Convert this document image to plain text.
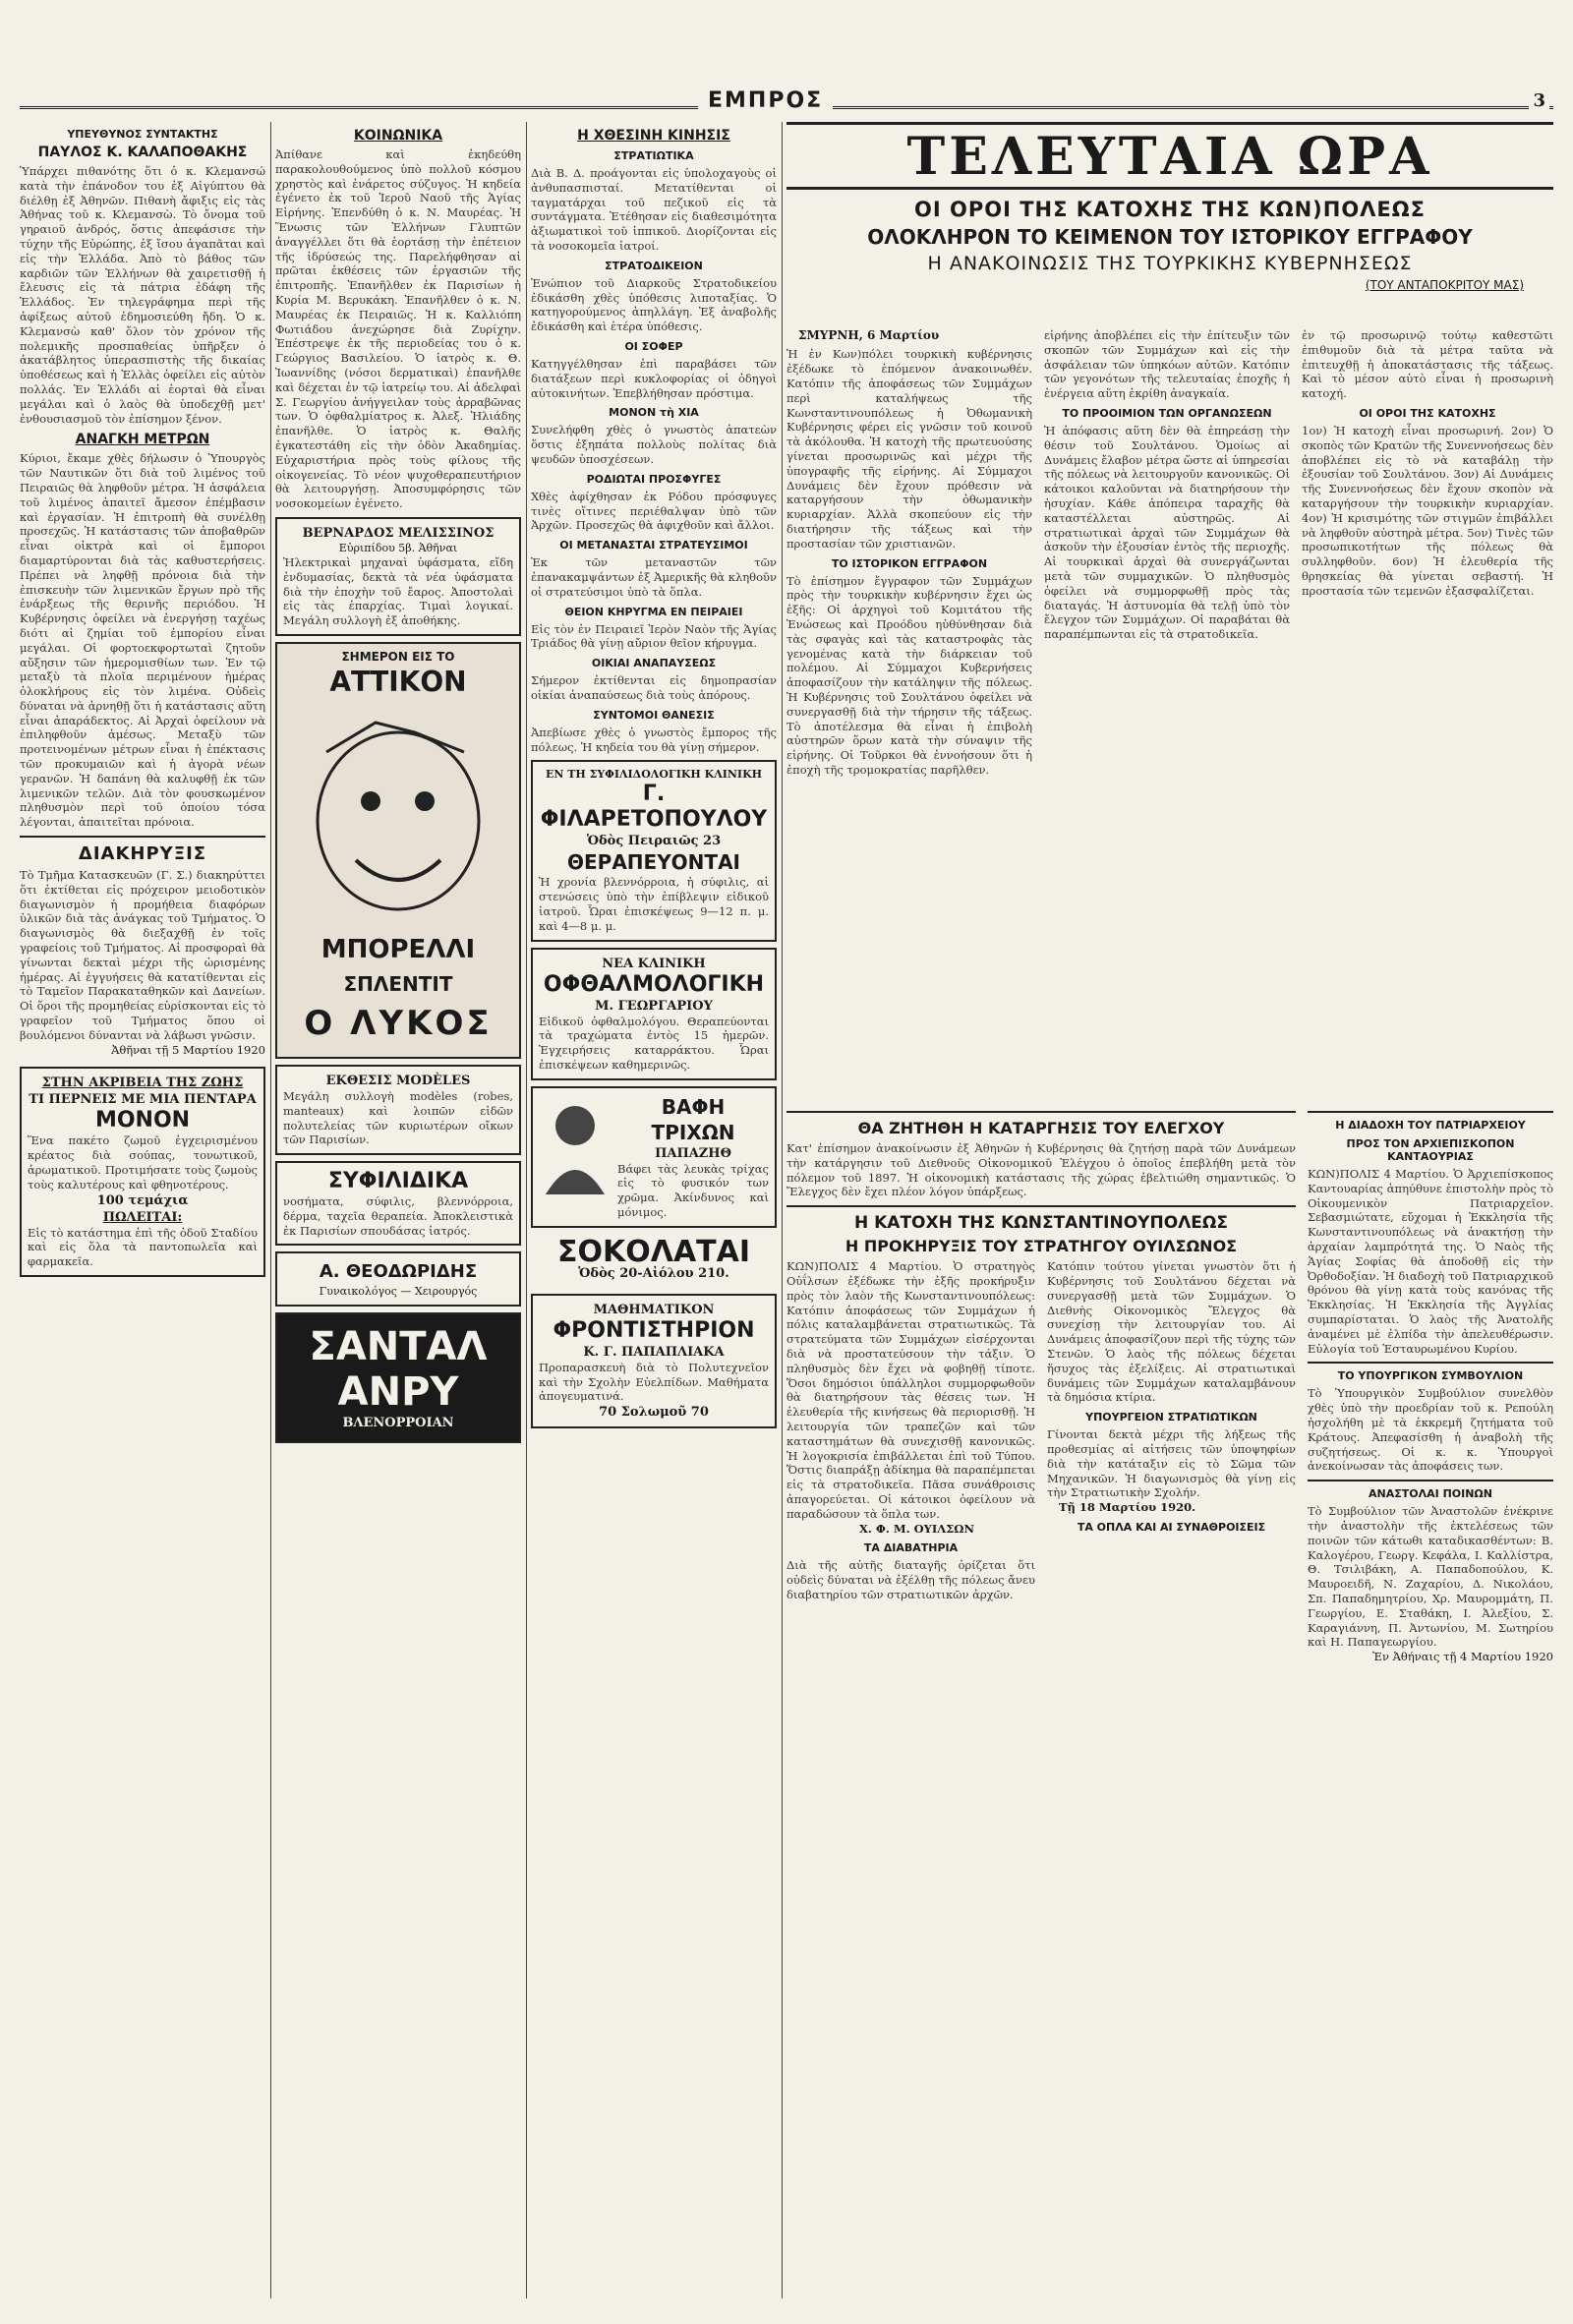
ΕΜΠΡΟΣ	3
ΥΠΕΥΘΥΝΟΣ ΣΥΝΤΑΚΤΗΣ
ΠΑΥΛΟΣ Κ. ΚΑΛΑΠΟΘΑΚΗΣ

Ὑπάρχει πιθανότης ὅτι ὁ κ. Κλεμανσώ κατὰ τὴν ἐπάνοδον του ἐξ Αἰγύπτου θὰ διέλθῃ ἐξ Ἀθηνῶν. Πιθανὴ ἄφιξις εἰς τὰς Ἀθήνας τοῦ κ. Κλεμανσὼ. Τὸ ὄνομα τοῦ γηραιοῦ ἀνδρός, ὅστις ἀπεφάσισε τὴν τύχην τῆς Εὐρώπης, ἐξ ἴσου ἀγαπᾶται καὶ εἰς τὴν Ἑλλάδα. Ἀπὸ τὸ βάθος τῶν καρδιῶν τῶν Ἑλλήνων θὰ χαιρετισθῇ ἡ ἔλευσις εἰς τὰ πάτρια ἐδάφη τῆς Ἑλλάδος. Ἐν τηλεγράφημα περὶ τῆς ἀφίξεως αὐτοῦ ἐδημοσιεύθη ἤδη. Ὁ κ. Κλεμανσὼ καθ' ὅλον τὸν χρόνον τῆς πολεμικῆς προσπαθείας ὑπῆρξεν ὁ ἀκατάβλητος ὑπερασπιστὴς τῆς δικαίας ὑποθέσεως καὶ ἡ Ἑλλὰς ὀφείλει εἰς αὐτὸν πολλάς. Ἐν Ἑλλάδι αἱ ἑορταὶ θὰ εἶναι μεγάλαι καὶ ὁ λαὸς θὰ ὑποδεχθῇ μετ' ἐνθουσιασμοῦ τὸν ἐπίσημον ξένον.

ΑΝΑΓΚΗ ΜΕΤΡΩΝ

Κύριοι, ἔκαμε χθὲς δήλωσιν ὁ Ὑπουργὸς τῶν Ναυτικῶν ὅτι διὰ τοῦ λιμένος τοῦ Πειραιῶς θὰ ληφθοῦν μέτρα. Ἡ ἀσφάλεια τοῦ λιμένος ἀπαιτεῖ ἄμεσον ἐπέμβασιν καὶ ἐργασίαν. Ἡ ἐπιτροπὴ θὰ συνέλθῃ προσεχῶς. Ἡ κατάστασις τῶν ἀποβαθρῶν εἶναι οἰκτρὰ καὶ οἱ ἔμποροι διαμαρτύρονται διὰ τὰς καθυστερήσεις. Πρέπει νὰ ληφθῇ πρόνοια διὰ τὴν ἐπισκευὴν τῶν λιμενικῶν ἔργων πρὸ τῆς ἐνάρξεως τῆς θερινῆς περιόδου. Ἡ Κυβέρνησις ὀφείλει νὰ ἐνεργήσῃ ταχέως διότι αἱ ζημίαι τοῦ ἐμπορίου εἶναι μεγάλαι. Οἱ φορτοεκφορτωταὶ ζητοῦν αὔξησιν τῶν ἡμερομισθίων των. Ἐν τῷ μεταξὺ τὰ πλοῖα περιμένουν ἡμέρας ὁλοκλήρους εἰς τὸν λιμένα. Οὐδεὶς δύναται νὰ ἀρνηθῇ ὅτι ἡ κατάστασις αὕτη εἶναι ἀπαράδεκτος. Αἱ Ἀρχαὶ ὀφείλουν νὰ ἐπιληφθοῦν ἀμέσως. Μεταξὺ τῶν προτεινομένων μέτρων εἶναι ἡ ἐπέκτασις τῶν προκυμαιῶν καὶ ἡ ἀγορὰ νέων γερανῶν. Ἡ δαπάνη θὰ καλυφθῇ ἐκ τῶν λιμενικῶν τελῶν. Διὰ τὸν φουσκωμένον πληθυσμὸν περὶ τοῦ ὁποίου τόσα λέγονται, ἀπαιτεῖται πρόνοια.

ΔΙΑΚΗΡΥΞΙΣ

Τὸ Τμῆμα Κατασκευῶν (Γ. Σ.) διακηρύττει ὅτι ἐκτίθεται εἰς πρόχειρον μειοδοτικὸν διαγωνισμὸν ἡ προμήθεια διαφόρων ὑλικῶν διὰ τὰς ἀνάγκας τοῦ Τμήματος. Ὁ διαγωνισμὸς θὰ διεξαχθῇ ἐν τοῖς γραφείοις τοῦ Τμήματος. Αἱ προσφοραὶ θὰ γίνωνται δεκταὶ μέχρι τῆς ὡρισμένης ἡμέρας. Αἱ ἐγγυήσεις θὰ κατατίθενται εἰς τὸ Ταμεῖον Παρακαταθηκῶν καὶ Δανείων. Οἱ ὅροι τῆς προμηθείας εὑρίσκονται εἰς τὸ γραφεῖον τοῦ Τμήματος ὅπου οἱ βουλόμενοι δύνανται νὰ λάβωσι γνῶσιν.

Ἀθῆναι τῇ 5 Μαρτίου 1920
ΣΤΗΝ ΑΚΡΙΒΕΙΑ ΤΗΣ ΖΩΗΣ
ΤΙ ΠΕΡΝΕΙΣ ΜΕ ΜΙΑ ΠΕΝΤΑΡΑ
ΜΟΝΟΝ

Ἕνα πακέτο ζωμοῦ ἐγχειρισμένου κρέατος διὰ σούπας, τονωτικοῦ, ἀρωματικοῦ. Προτιμήσατε τοὺς ζωμοὺς τοὺς καλυτέρους καὶ φθηνοτέρους.

100 τεμάχια
ΠΩΛΕΙΤΑΙ:

Εἰς τὸ κατάστημα ἐπὶ τῆς ὁδοῦ Σταδίου καὶ εἰς ὅλα τὰ παντοπωλεῖα καὶ φαρμακεῖα.

ΚΟΙΝΩΝΙΚΑ

Ἀπίθανε καὶ ἐκηδεύθη παρακολουθούμενος ὑπὸ πολλοῦ κόσμου χρηστὸς καὶ ἐνάρετος σύζυγος. Ἡ κηδεία ἐγένετο ἐκ τοῦ Ἱεροῦ Ναοῦ τῆς Ἁγίας Εἰρήνης. Ἐπενδύθη ὁ κ. Ν. Μαυρέας. Ἡ Ἕνωσις τῶν Ἑλλήνων Γλυπτῶν ἀναγγέλλει ὅτι θὰ ἑορτάσῃ τὴν ἐπέτειον τῆς ἱδρύσεώς της. Παρελήφθησαν αἱ πρῶται ἐκθέσεις τῶν ἐργασιῶν τῆς ἐπιτροπῆς. Ἐπανῆλθεν ἐκ Παρισίων ἡ Κυρία Μ. Βερυκάκη. Ἐπανῆλθεν ὁ κ. Ν. Μαυρέας ἐκ Πειραιῶς. Ἡ κ. Καλλιόπη Φωτιάδου ἀνεχώρησε διὰ Ζυρίχην. Ἐπέστρεψε ἐκ τῆς περιοδείας του ὁ κ. Γεώργιος Βασιλείου. Ὁ ἰατρὸς κ. Θ. Ἰωαννίδης (νόσοι δερματικαὶ) ἐπανῆλθε καὶ δέχεται ἐν τῷ ἰατρείῳ του. Αἱ ἀδελφαὶ Σ. Γεωργίου ἀνήγγειλαν τοὺς ἀρραβῶνας των. Ὁ ὀφθαλμίατρος κ. Ἀλεξ. Ἠλιάδης ἐπανῆλθε. Ὁ ἰατρὸς κ. Θαλῆς ἐγκατεστάθη εἰς τὴν ὁδὸν Ἀκαδημίας. Εὐχαριστήρια πρὸς τοὺς φίλους τῆς οἰκογενείας. Τὸ νέον ψυχοθεραπευτήριον θὰ λειτουργήσῃ. Ἀποσυμφόρησις τῶν νοσοκομείων ἐγένετο.

ΒΕΡΝΑΡΔΟΣ ΜΕΛΙΣΣΙΝΟΣ
Εὐριπίδου 5β. Ἀθῆναι

Ἠλεκτρικαὶ μηχαναὶ ὑφάσματα, εἴδη ἐνδυμασίας, δεκτὰ τὰ νέα ὑφάσματα διὰ τὴν ἐποχὴν τοῦ ἔαρος. Ἀποστολαὶ εἰς τὰς ἐπαρχίας. Τιμαὶ λογικαί. Μεγάλη συλλογὴ ἐξ ἀποθήκης.

ΣΗΜΕΡΟΝ ΕΙΣ ΤΟ
ΑΤΤΙΚΟΝ
ΜΠΟΡΕΛΛΙ
ΣΠΛΕΝΤΙΤ
Ο ΛΥΚΟΣ
ΕΚΘΕΣΙΣ MODÈLES

Μεγάλη συλλογὴ modèles (robes, manteaux) καὶ λοιπῶν εἰδῶν πολυτελείας τῶν κυριωτέρων οἴκων τῶν Παρισίων.

ΣΥΦΙΛΙΔΙΚΑ

νοσήματα, σύφιλις, βλεννόρροια, δέρμα, ταχεῖα θεραπεία. Ἀποκλειστικὰ ἐκ Παρισίων σπουδάσας ἰατρός.

Α. ΘΕΟΔΩΡΙΔΗΣ
Γυναικολόγος — Χειρουργός
ΣΑΝΤΑΛ ΑΝΡΥ
ΒΛΕΝΟΡΡΟΙΑΝ
Η ΧΘΕΣΙΝΗ ΚΙΝΗΣΙΣ
ΣΤΡΑΤΙΩΤΙΚΑ

Διὰ Β. Δ. προάγονται εἰς ὑπολοχαγοὺς οἱ ἀνθυπασπισταί. Μετατίθενται οἱ ταγματάρχαι τοῦ πεζικοῦ εἰς τὰ συντάγματα. Ἐτέθησαν εἰς διαθεσιμότητα ἀξιωματικοὶ τοῦ ἱππικοῦ. Διορίζονται εἰς τὰ νοσοκομεῖα ἰατροί.

ΣΤΡΑΤΟΔΙΚΕΙΟΝ

Ἐνώπιον τοῦ Διαρκοῦς Στρατοδικείου ἐδικάσθη χθὲς ὑπόθεσις λιποταξίας. Ὁ κατηγορούμενος ἀπηλλάγη. Ἐξ ἀναβολῆς ἐδικάσθη καὶ ἑτέρα ὑπόθεσις.

ΟΙ ΣΟΦΕΡ

Κατηγγέλθησαν ἐπὶ παραβάσει τῶν διατάξεων περὶ κυκλοφορίας οἱ ὁδηγοὶ αὐτοκινήτων. Ἐπεβλήθησαν πρόστιμα.

ΜΟΝΟΝ τὴ ΧΙΑ

Συνελήφθη χθὲς ὁ γνωστὸς ἀπατεὼν ὅστις ἐξηπάτα πολλοὺς πολίτας διὰ ψευδῶν ὑποσχέσεων.

ΡΟΔΙΩΤΑΙ ΠΡΟΣΦΥΓΕΣ

Χθὲς ἀφίχθησαν ἐκ Ρόδου πρόσφυγες τινὲς οἵτινες περιέθαλψαν ὑπὸ τῶν Ἀρχῶν. Προσεχῶς θὰ ἀφιχθοῦν καὶ ἄλλοι.

ΟΙ ΜΕΤΑΝΑΣΤΑΙ ΣΤΡΑΤΕΥΣΙΜΟΙ

Ἐκ τῶν μεταναστῶν τῶν ἐπανακαμψάντων ἐξ Ἀμερικῆς θὰ κληθοῦν οἱ στρατεύσιμοι ὑπὸ τὰ ὅπλα.

ΘΕΙΟΝ ΚΗΡΥΓΜΑ ΕΝ ΠΕΙΡΑΙΕΙ

Εἰς τὸν ἐν Πειραιεῖ Ἱερὸν Ναὸν τῆς Ἁγίας Τριάδος θὰ γίνῃ αὔριον θεῖον κήρυγμα.

ΟΙΚΙΑΙ ΑΝΑΠΑΥΣΕΩΣ

Σήμερον ἐκτίθενται εἰς δημοπρασίαν οἰκίαι ἀναπαύσεως διὰ τοὺς ἀπόρους.

ΣΥΝΤΟΜΟΙ ΘΑΝΕΣΙΣ

Ἀπεβίωσε χθὲς ὁ γνωστὸς ἔμπορος τῆς πόλεως. Ἡ κηδεία του θὰ γίνῃ σήμερον.

ΕΝ ΤΗ ΣΥΦΙΛΙΔΟΛΟΓΙΚΗ ΚΛΙΝΙΚΗ
Γ. ΦΙΛΑΡΕΤΟΠΟΥΛΟΥ
Ὁδὸς Πειραιῶς 23
ΘΕΡΑΠΕΥΟΝΤΑΙ

Ἡ χρονία βλεννόρροια, ἡ σύφιλις, αἱ στενώσεις ὑπὸ τὴν ἐπίβλεψιν εἰδικοῦ ἰατροῦ. Ὧραι ἐπισκέψεως 9—12 π. μ. καὶ 4—8 μ. μ.

ΝΕΑ ΚΛΙΝΙΚΗ
ΟΦΘΑΛΜΟΛΟΓΙΚΗ
Μ. ΓΕΩΡΓΑΡΙΟΥ

Εἰδικοῦ ὀφθαλμολόγου. Θεραπεύονται τὰ τραχώματα ἐντὸς 15 ἡμερῶν. Ἐγχειρήσεις καταρράκτου. Ὧραι ἐπισκέψεων καθημερινῶς.

ΒΑΦΗ ΤΡΙΧΩΝ
ΠΑΠΑΖΗΘ

Βάφει τὰς λευκὰς τρίχας εἰς τὸ φυσικόν των χρῶμα. Ἀκίνδυνος καὶ μόνιμος.

ΣΟΚΟΛΑΤΑΙ
Ὁδὸς 20-Αἰόλου 210.
ΜΑΘΗΜΑΤΙΚΟΝ
ΦΡΟΝΤΙΣΤΗΡΙΟΝ
Κ. Γ. ΠΑΠΑΠΛΙΑΚΑ

Προπαρασκευὴ διὰ τὸ Πολυτεχνεῖον καὶ τὴν Σχολὴν Εὐελπίδων. Μαθήματα ἀπογευματινά.

70 Σολωμοῦ 70
ΤΕΛΕΥΤΑΙΑ ΩΡΑ
ΟΙ ΟΡΟΙ ΤΗΣ ΚΑΤΟΧΗΣ ΤΗΣ ΚΩΝ)ΠΟΛΕΩΣ
ΟΛΟΚΛΗΡΟΝ ΤΟ ΚΕΙΜΕΝΟΝ ΤΟΥ ΙΣΤΟΡΙΚΟΥ ΕΓΓΡΑΦΟΥ
Η ΑΝΑΚΟΙΝΩΣΙΣ ΤΗΣ ΤΟΥΡΚΙΚΗΣ ΚΥΒΕΡΝΗΣΕΩΣ
(ΤΟΥ ΑΝΤΑΠΟΚΡΙΤΟΥ ΜΑΣ)
ΣΜΥΡΝΗ, 6 Μαρτίου

Ἡ ἐν Κων)πόλει τουρκικὴ κυβέρνησις ἐξέδωκε τὸ ἑπόμενον ἀνακοινωθέν. Κατόπιν τῆς ἀποφάσεως τῶν Συμμάχων περὶ καταλήψεως τῆς Κωνσταντινουπόλεως ἡ Ὀθωμανικὴ Κυβέρνησις φέρει εἰς γνῶσιν τοῦ κοινοῦ τὰ ἀκόλουθα. Ἡ κατοχὴ τῆς πρωτευούσης γίνεται προσωρινῶς καὶ μέχρι τῆς ὑπογραφῆς τῆς εἰρήνης. Αἱ Σύμμαχοι Δυνάμεις δὲν ἔχουν πρόθεσιν νὰ καταργήσουν τὴν ὀθωμανικὴν κυριαρχίαν. Ἀλλὰ σκοπεύουν εἰς τὴν διατήρησιν τῆς τάξεως καὶ τὴν προστασίαν τῶν χριστιανῶν.

ΤΟ ΙΣΤΟΡΙΚΟΝ ΕΓΓΡΑΦΟΝ

Τὸ ἐπίσημον ἔγγραφον τῶν Συμμάχων πρὸς τὴν τουρκικὴν κυβέρνησιν ἔχει ὡς ἑξῆς: Οἱ ἀρχηγοὶ τοῦ Κομιτάτου τῆς Ἑνώσεως καὶ Προόδου ηὐθύνθησαν διὰ τὰς σφαγὰς καὶ τὰς καταστροφὰς τὰς γενομένας κατὰ τὴν διάρκειαν τοῦ πολέμου. Αἱ Σύμμαχοι Κυβερνήσεις ἀποφασίζουν τὴν κατάληψιν τῆς πόλεως. Ἡ Κυβέρνησις τοῦ Σουλτάνου ὀφείλει νὰ συνεργασθῇ διὰ τὴν τήρησιν τῆς τάξεως. Τὸ ἀποτέλεσμα θὰ εἶναι ἡ ἐπιβολὴ αὐστηρῶν ὅρων κατὰ τὴν σύναψιν τῆς εἰρήνης. Οἱ Τοῦρκοι θὰ ἐννοήσουν ὅτι ἡ ἐποχὴ τῆς τρομοκρατίας παρῆλθεν.

εἰρήνης ἀποβλέπει εἰς τὴν ἐπίτευξιν τῶν σκοπῶν τῶν Συμμάχων καὶ εἰς τὴν ἀσφάλειαν τῶν ὑπηκόων αὐτῶν. Κατόπιν τῶν γεγονότων τῆς τελευταίας ἐποχῆς ἡ ἐνέργεια αὕτη ἐκρίθη ἀναγκαία.

ΤΟ ΠΡΟΟΙΜΙΟΝ ΤΩΝ ΟΡΓΑΝΩΣΕΩΝ

Ἡ ἀπόφασις αὕτη δὲν θὰ ἐπηρεάσῃ τὴν θέσιν τοῦ Σουλτάνου. Ὁμοίως αἱ Δυνάμεις ἔλαβον μέτρα ὥστε αἱ ὑπηρεσίαι τῆς πόλεως νὰ λειτουργοῦν κανονικῶς. Οἱ κάτοικοι καλοῦνται νὰ διατηρήσουν τὴν ἡσυχίαν. Κάθε ἀπόπειρα ταραχῆς θὰ καταστέλλεται αὐστηρῶς. Αἱ στρατιωτικαὶ ἀρχαὶ τῶν Συμμάχων θὰ ἀσκοῦν τὴν ἐξουσίαν ἐντὸς τῆς περιοχῆς. Αἱ τουρκικαὶ ἀρχαὶ θὰ συνεργάζωνται μετὰ τῶν συμμαχικῶν. Ὁ πληθυσμὸς ὀφείλει νὰ συμμορφωθῇ πρὸς τὰς διαταγάς. Ἡ ἀστυνομία θὰ τελῇ ὑπὸ τὸν ἔλεγχον τῶν Συμμάχων. Οἱ παραβάται θὰ παραπέμπωνται εἰς τὰ στρατοδικεῖα.

ἐν τῷ προσωρινῷ τούτῳ καθεστῶτι ἐπιθυμοῦν διὰ τὰ μέτρα ταῦτα νὰ ἐπιτευχθῇ ἡ ἀποκατάστασις τῆς τάξεως. Καὶ τὸ μέσον αὐτὸ εἶναι ἡ προσωρινὴ κατοχή.

ΟΙ ΟΡΟΙ ΤΗΣ ΚΑΤΟΧΗΣ

1ον) Ἡ κατοχὴ εἶναι προσωρινή. 2ον) Ὁ σκοπὸς τῶν Κρατῶν τῆς Συνεννοήσεως δὲν ἀποβλέπει εἰς τὸ νὰ καταβάλῃ τὴν ἐξουσίαν τοῦ Σουλτάνου. 3ον) Αἱ Δυνάμεις τῆς Συνεννοήσεως δὲν ἔχουν σκοπὸν νὰ καταργήσουν τὴν τουρκικὴν κυριαρχίαν. 4ον) Ἡ κρισιμότης τῶν στιγμῶν ἐπιβάλλει νὰ ληφθοῦν αὐστηρὰ μέτρα. 5ον) Τινὲς τῶν προσωπικοτήτων τῆς πόλεως θὰ συλληφθοῦν. 6ον) Ἡ ἐλευθερία τῆς θρησκείας θὰ γίνεται σεβαστή. Ἡ προστασία τῶν τεμενῶν ἐξασφαλίζεται.

ΘΑ ΖΗΤΗΘΗ Η ΚΑΤΑΡΓΗΣΙΣ ΤΟΥ ΕΛΕΓΧΟΥ

Κατ' ἐπίσημον ἀνακοίνωσιν ἐξ Ἀθηνῶν ἡ Κυβέρνησις θὰ ζητήσῃ παρὰ τῶν Δυνάμεων τὴν κατάργησιν τοῦ Διεθνοῦς Οἰκονομικοῦ Ἐλέγχου ὁ ὁποῖος ἐπεβλήθη μετὰ τὸν πόλεμον τοῦ 1897. Ἡ οἰκονομικὴ κατάστασις τῆς χώρας ἐβελτιώθη σημαντικῶς. Ὁ Ἔλεγχος δὲν ἔχει πλέον λόγον ὑπάρξεως.

Η ΚΑΤΟΧΗ ΤΗΣ ΚΩΝΣΤΑΝΤΙΝΟΥΠΟΛΕΩΣ
Η ΠΡΟΚΗΡΥΞΙΣ ΤΟΥ ΣΤΡΑΤΗΓΟΥ ΟΥΙΛΣΩΝΟΣ

ΚΩΝ)ΠΟΛΙΣ 4 Μαρτίου. Ὁ στρατηγὸς Οὐΐλσων ἐξέδωκε τὴν ἑξῆς προκήρυξιν πρὸς τὸν λαὸν τῆς Κωνσταντινουπόλεως: Κατόπιν ἀποφάσεως τῶν Συμμάχων ἡ πόλις καταλαμβάνεται στρατιωτικῶς. Τὰ στρατεύματα τῶν Συμμάχων εἰσέρχονται διὰ νὰ προστατεύσουν τὴν τάξιν. Ὁ πληθυσμὸς δὲν ἔχει νὰ φοβηθῇ τίποτε. Ὅσοι δημόσιοι ὑπάλληλοι συμμορφωθοῦν θὰ διατηρήσουν τὰς θέσεις των. Ἡ ἐλευθερία τῆς κινήσεως θὰ περιορισθῇ. Ἡ λειτουργία τῶν τραπεζῶν καὶ τῶν καταστημάτων θὰ συνεχισθῇ κανονικῶς. Ἡ λογοκρισία ἐπιβάλλεται ἐπὶ τοῦ Τύπου. Ὅστις διαπράξῃ ἀδίκημα θὰ παραπέμπεται εἰς τὰ στρατοδικεῖα. Πᾶσα συνάθροισις ἀπαγορεύεται. Οἱ κάτοικοι ὀφείλουν νὰ παραδώσουν τὰ ὅπλα των.

Χ. Φ. Μ. ΟΥΙΛΣΩΝ
ΤΑ ΔΙΑΒΑΤΗΡΙΑ

Διὰ τῆς αὐτῆς διαταγῆς ὁρίζεται ὅτι οὐδεὶς δύναται νὰ ἐξέλθῃ τῆς πόλεως ἄνευ διαβατηρίου τῶν στρατιωτικῶν ἀρχῶν.

Κατόπιν τούτου γίνεται γνωστὸν ὅτι ἡ Κυβέρνησις τοῦ Σουλτάνου δέχεται νὰ συνεργασθῇ μετὰ τῶν Συμμάχων. Ὁ Διεθνὴς Οἰκονομικὸς Ἔλεγχος θὰ συνεχίσῃ τὴν λειτουργίαν του. Αἱ Δυνάμεις ἀποφασίζουν περὶ τῆς τύχης τῶν Στενῶν. Ὁ λαὸς τῆς πόλεως δέχεται ἥσυχος τὰς ἐξελίξεις. Αἱ στρατιωτικαὶ δυνάμεις τῶν Συμμάχων καταλαμβάνουν τὰ δημόσια κτίρια.

ΥΠΟΥΡΓΕΙΟΝ ΣΤΡΑΤΙΩΤΙΚΩΝ

Γίνονται δεκτὰ μέχρι τῆς λήξεως τῆς προθεσμίας αἱ αἰτήσεις τῶν ὑποψηφίων διὰ τὴν κατάταξιν εἰς τὸ Σῶμα τῶν Μηχανικῶν. Ἡ διαγωνισμὸς θὰ γίνῃ εἰς τὴν Στρατιωτικὴν Σχολήν.

Τῇ 18 Μαρτίου 1920.
ΤΑ ΟΠΛΑ ΚΑΙ ΑΙ ΣΥΝΑΘΡΟΙΣΕΙΣ
Η ΔΙΑΔΟΧΗ ΤΟΥ ΠΑΤΡΙΑΡΧΕΙΟΥ
ΠΡΟΣ ΤΟΝ ΑΡΧΙΕΠΙΣΚΟΠΟΝ ΚΑΝΤΑΟΥΡΙΑΣ

ΚΩΝ)ΠΟΛΙΣ 4 Μαρτίου. Ὁ Ἀρχιεπίσκοπος Καντουαρίας ἀπηύθυνε ἐπιστολὴν πρὸς τὸ Οἰκουμενικὸν Πατριαρχεῖον. Σεβασμιώτατε, εὔχομαι ἡ Ἐκκλησία τῆς Κωνσταντινουπόλεως νὰ ἀνακτήσῃ τὴν ἀρχαίαν λαμπρότητά της. Ὁ Ναὸς τῆς Ἁγίας Σοφίας θὰ ἀποδοθῇ εἰς τὴν Ὀρθοδοξίαν. Ἡ διαδοχὴ τοῦ Πατριαρχικοῦ θρόνου θὰ γίνῃ κατὰ τοὺς κανόνας τῆς Ἐκκλησίας. Ἡ Ἐκκλησία τῆς Ἀγγλίας συμπαρίσταται. Ὁ λαὸς τῆς Ἀνατολῆς ἀναμένει μὲ ἐλπίδα τὴν ἀπελευθέρωσιν. Εὐλογία τοῦ Ἐσταυρωμένου Κυρίου.

ΤΟ ΥΠΟΥΡΓΙΚΟΝ ΣΥΜΒΟΥΛΙΟΝ

Τὸ Ὑπουργικὸν Συμβούλιον συνελθὸν χθὲς ὑπὸ τὴν προεδρίαν τοῦ κ. Ρεπούλη ἠσχολήθη μὲ τὰ ἐκκρεμῆ ζητήματα τοῦ Κράτους. Ἀπεφασίσθη ἡ ἀναβολὴ τῆς συζητήσεως. Οἱ κ. κ. Ὑπουργοὶ ἀνεκοίνωσαν τὰς ἀποφάσεις των.

ΑΝΑΣΤΟΛΑΙ ΠΟΙΝΩΝ

Τὸ Συμβούλιον τῶν Ἀναστολῶν ἐνέκρινε τὴν ἀναστολὴν τῆς ἐκτελέσεως τῶν ποινῶν τῶν κάτωθι καταδικασθέντων: Β. Καλογέρου, Γεωργ. Κεφάλα, Ι. Καλλίστρα, Θ. Τσιλιβάκη, Α. Παπαδοπούλου, Κ. Μαυροειδῆ, Ν. Ζαχαρίου, Δ. Νικολάου, Σπ. Παπαδημητρίου, Χρ. Μαυρομμάτη, Π. Γεωργίου, Ε. Σταθάκη, Ι. Ἀλεξίου, Σ. Καραγιάννη, Π. Ἀντωνίου, Μ. Σωτηρίου καὶ Η. Παπαγεωργίου.

Ἐν Ἀθήναις τῇ 4 Μαρτίου 1920
